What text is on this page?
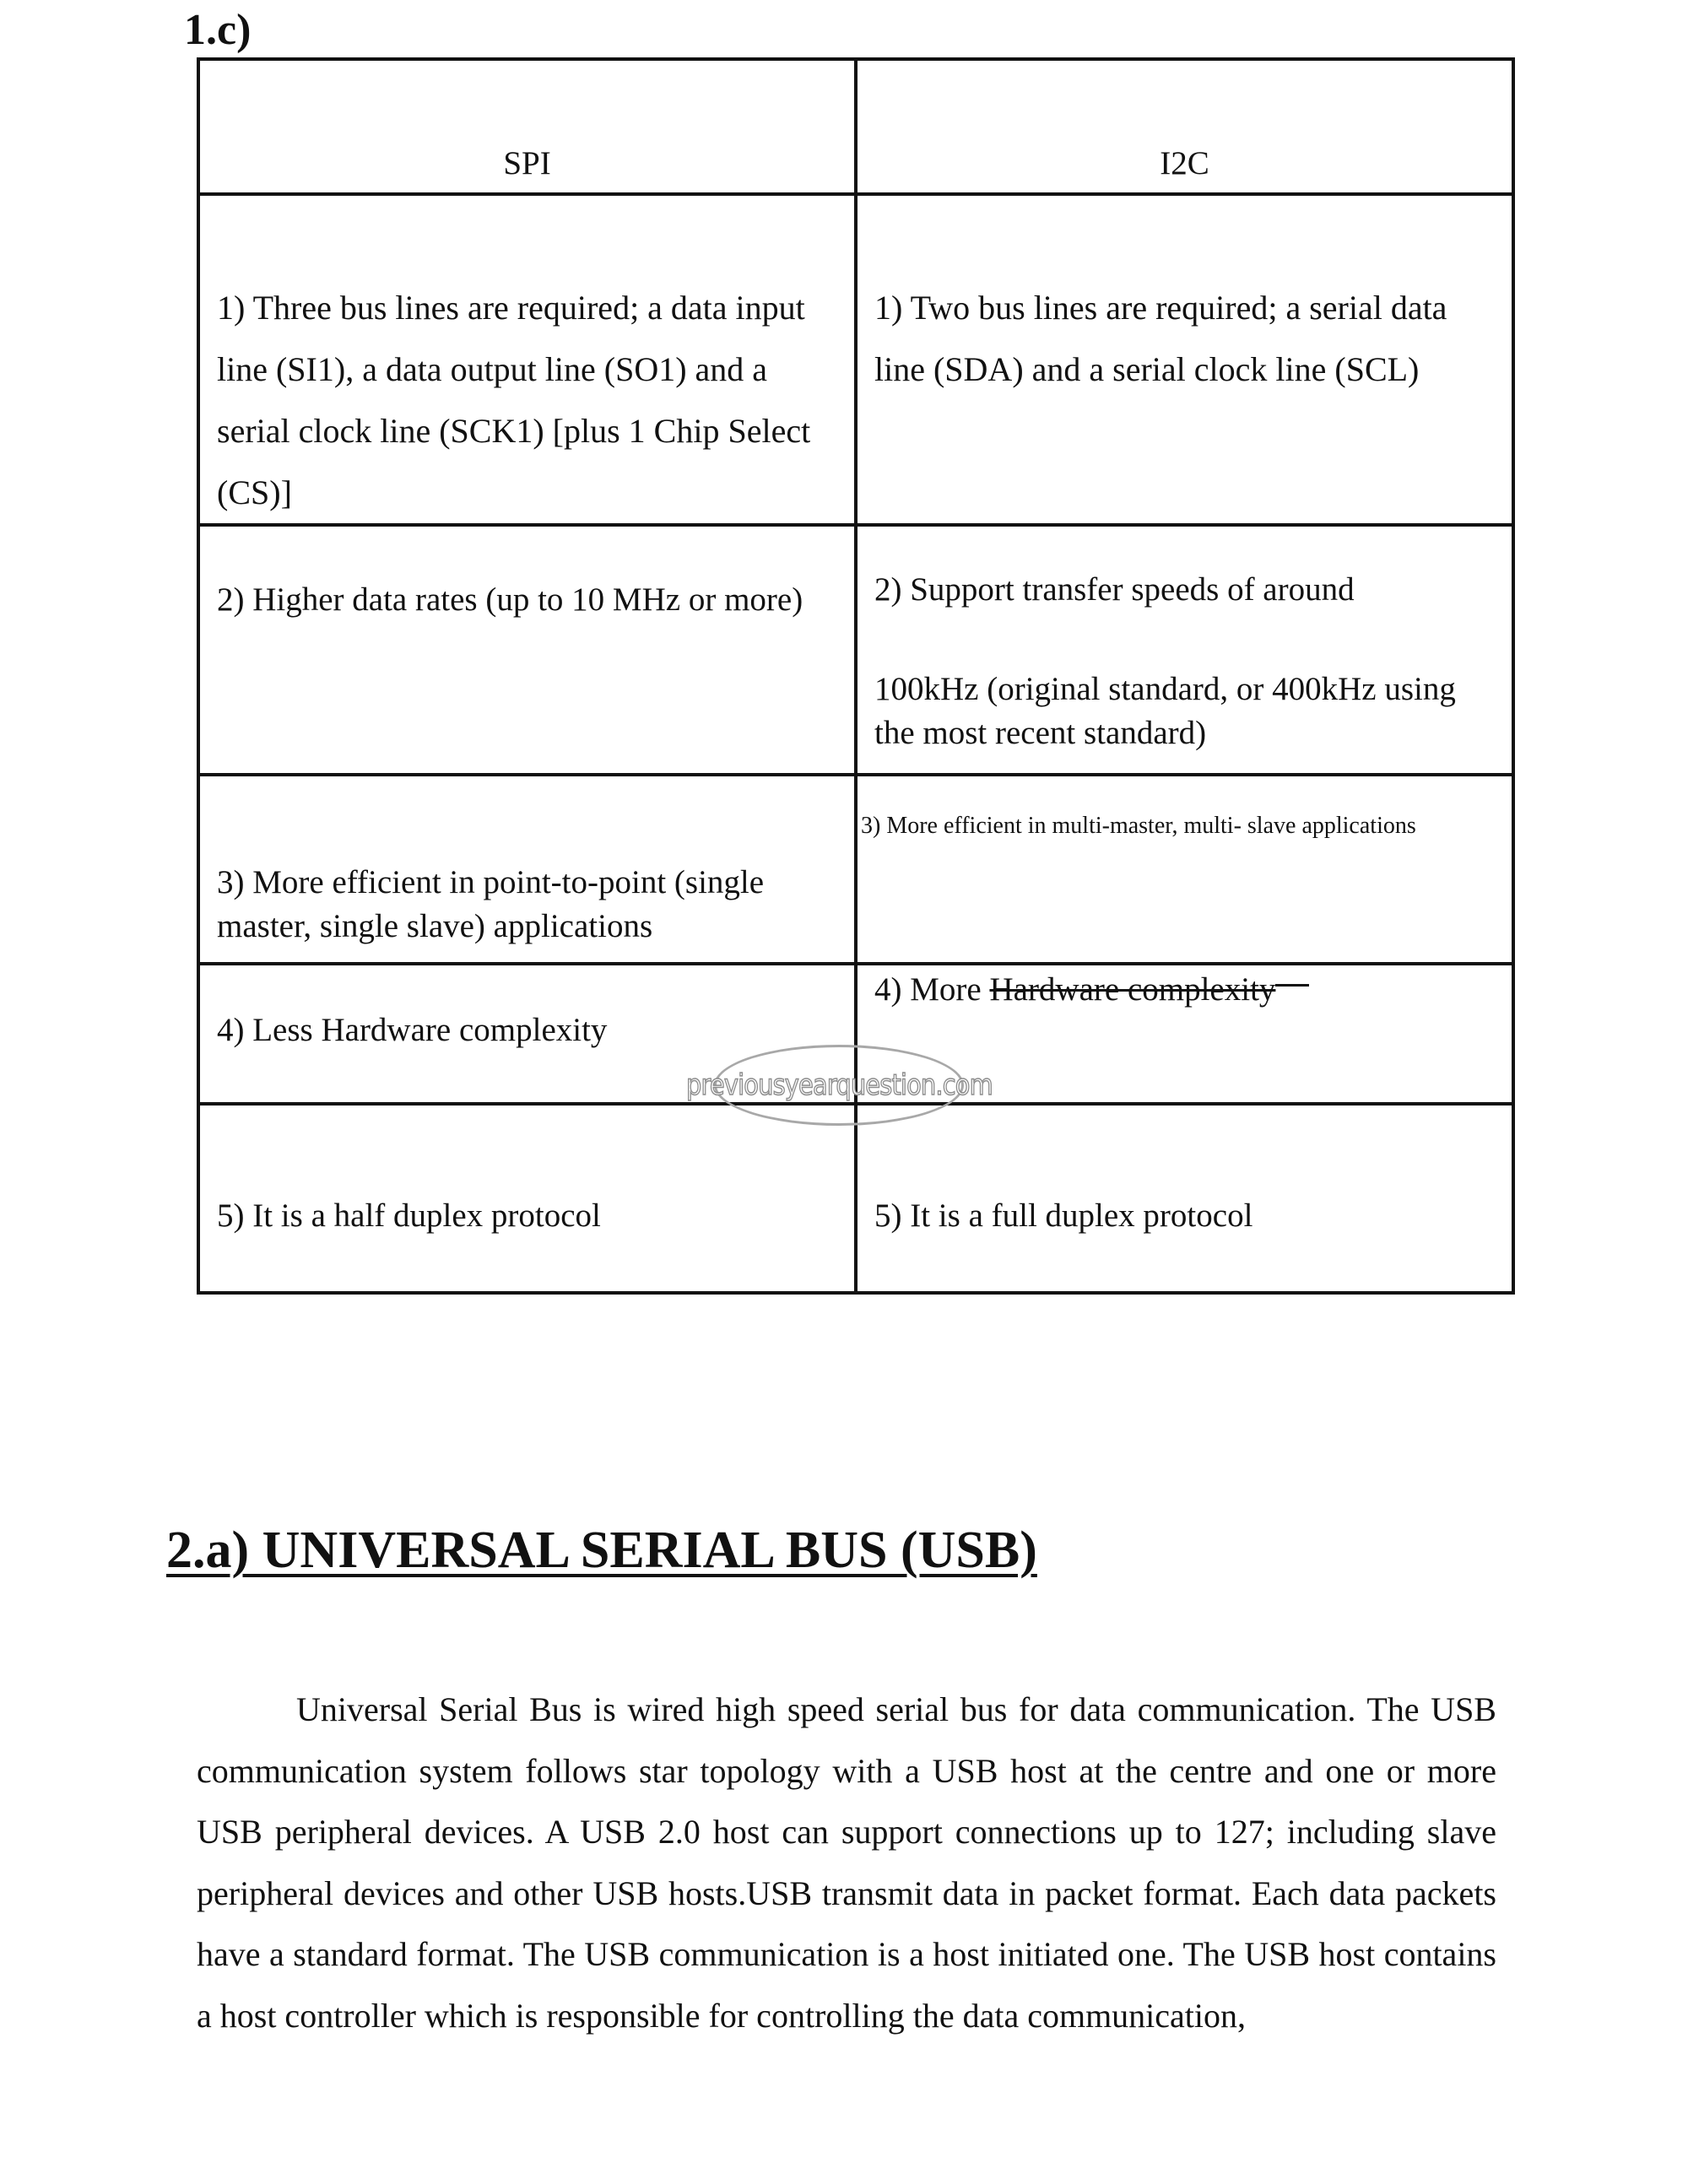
1.c)
SPI	I2C

1) Three bus lines are required; a data input line (SI1), a data output line (SO1) and a serial clock line (SCK1) [plus 1 Chip Select (CS)]	1) Two bus lines are required; a serial data line (SDA) and a serial clock line (SCL)

2) Higher data rates (up to 10 MHz or more)	2) Support transfer speeds of around
100kHz (original standard, or 400kHz using the most recent standard)

3) More efficient in point-to-point (single master, single slave) applications	3) More efficient in multi-master, multi- slave applications

4) Less Hardware complexity	4) More Hardware complexity

5) It is a half duplex protocol	5) It is a full duplex protocol
previousyearquestion.com
2.a) UNIVERSAL SERIAL BUS (USB)

Universal Serial Bus is wired high speed serial bus for data communication. The USB communication system follows star topology with a USB host at the centre and one or more USB peripheral devices. A USB 2.0 host can support connections up to 127; including slave peripheral devices and other USB hosts.USB transmit data in packet format. Each data packets have a standard format. The USB communication is a host initiated one. The USB host contains a host controller which is responsible for controlling the data communication,
